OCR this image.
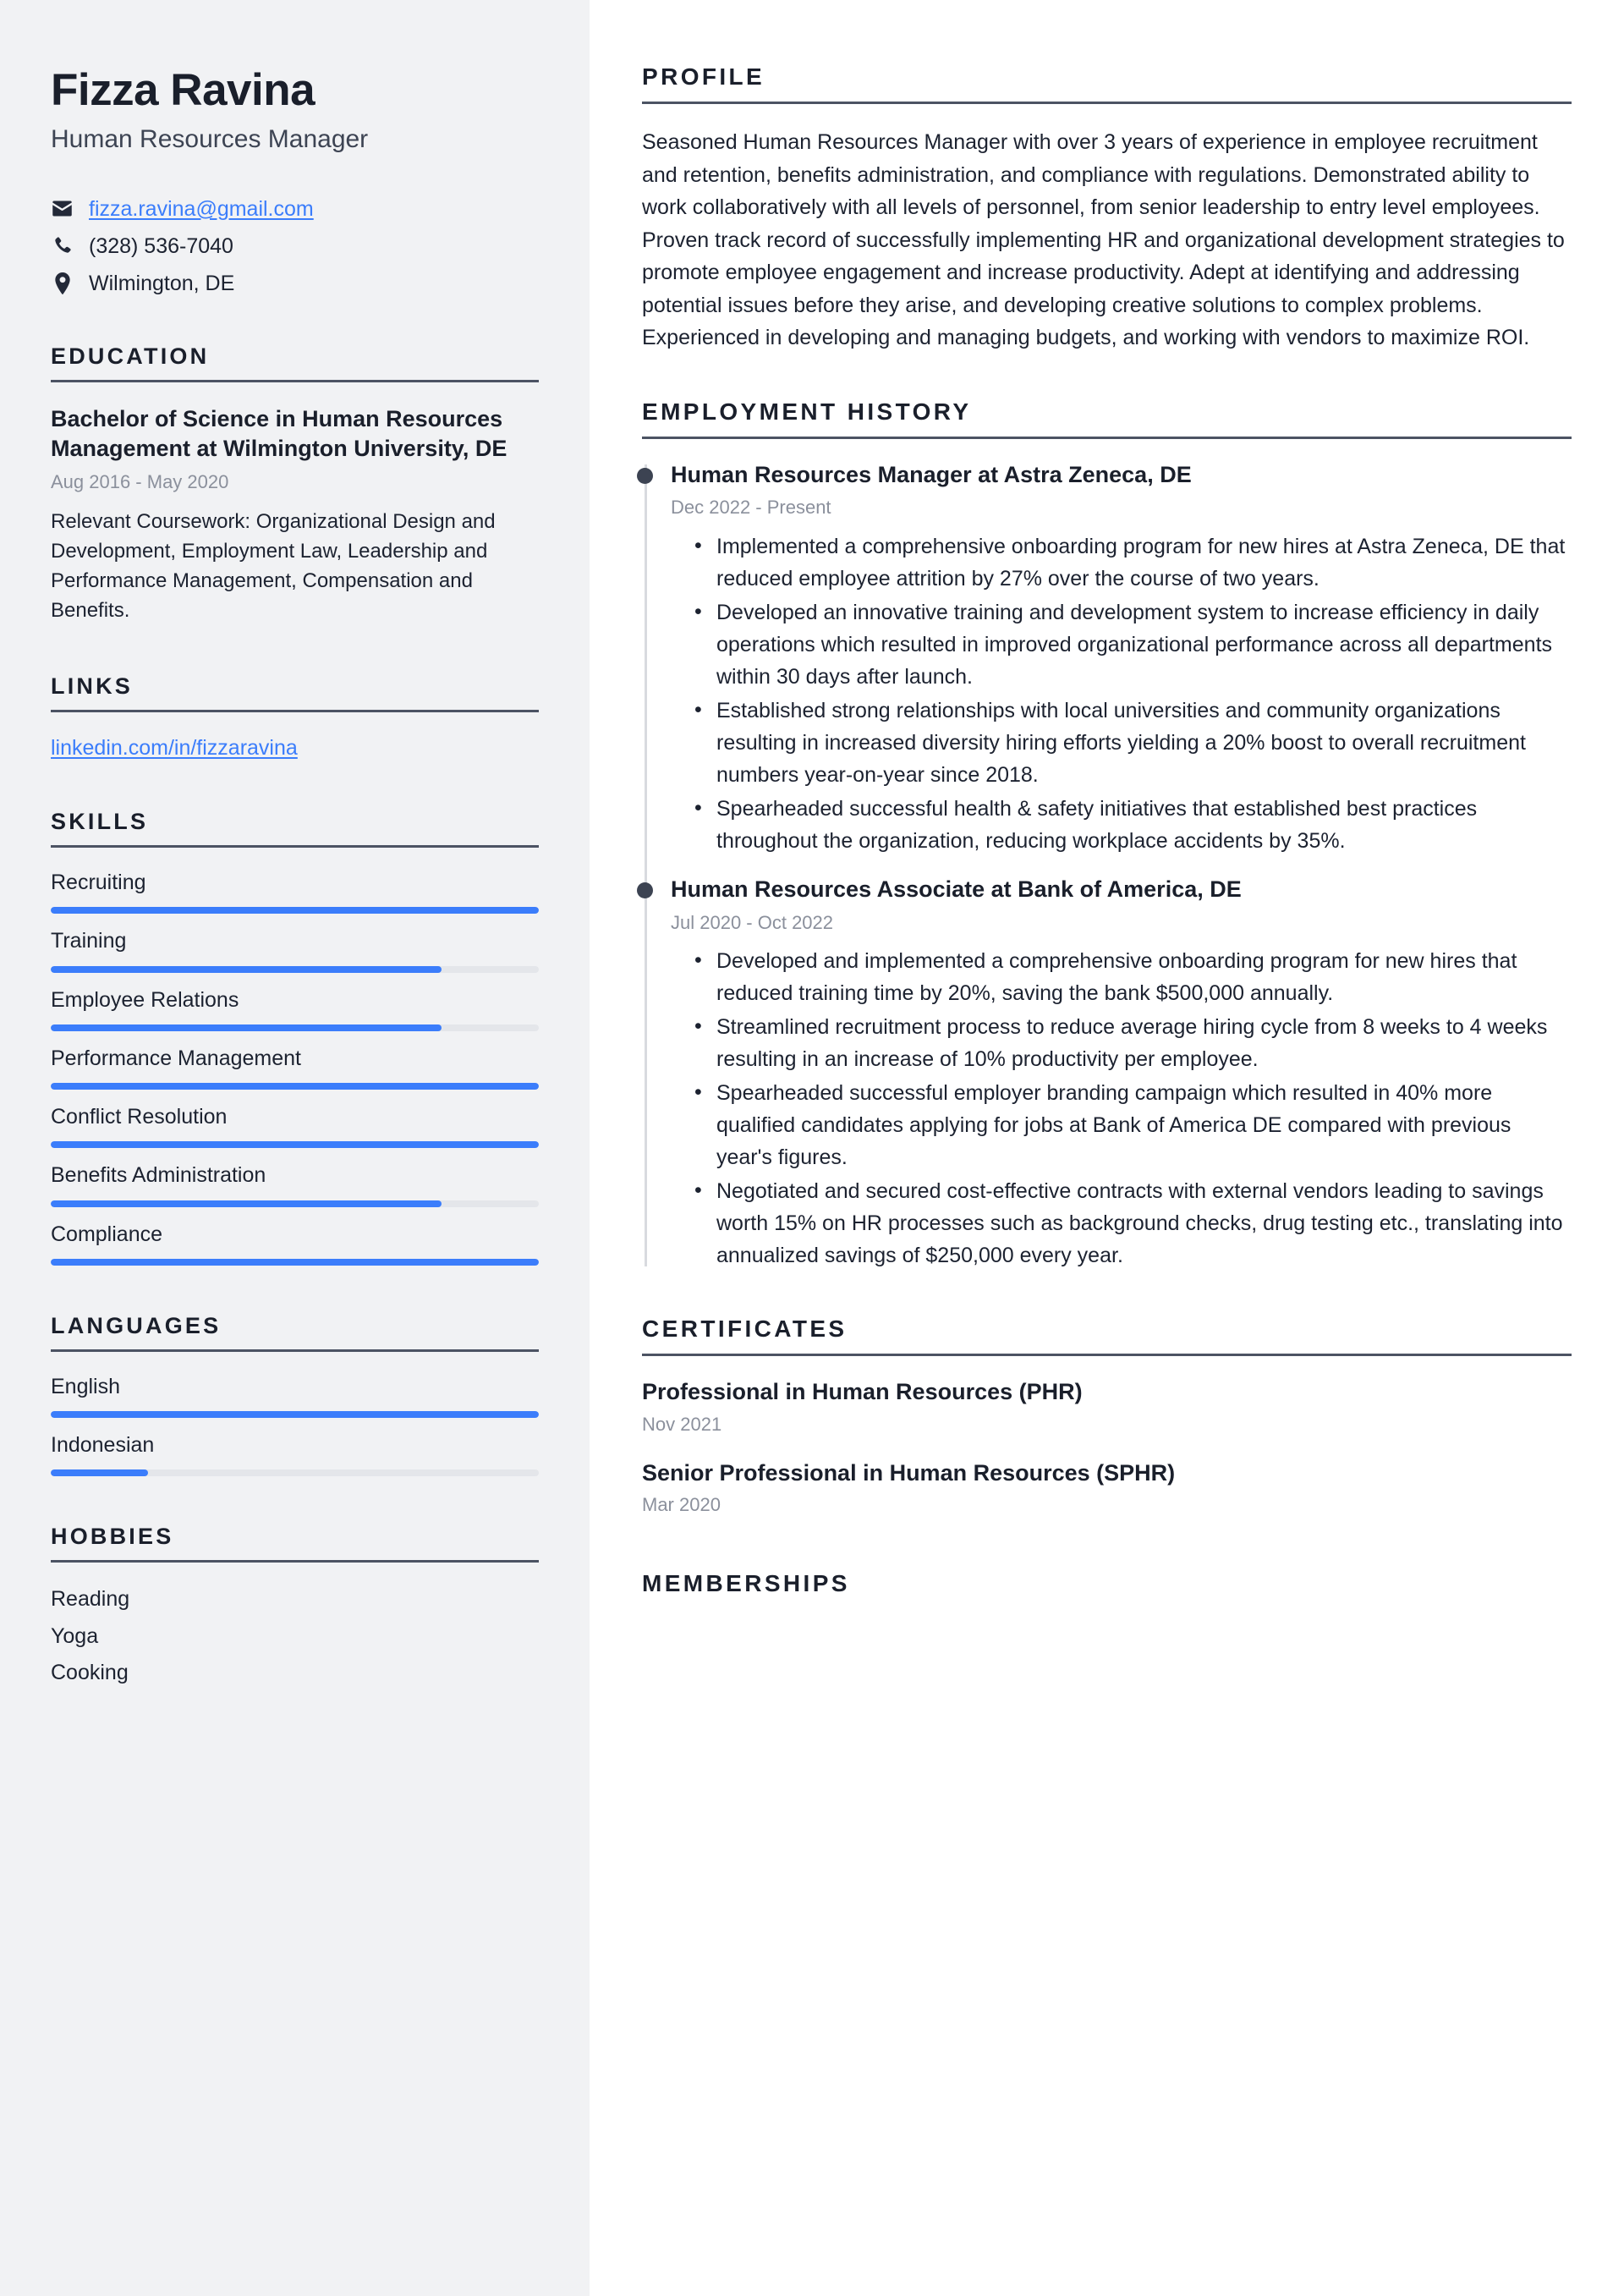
Fizza Ravina
Human Resources Manager
fizza.ravina@gmail.com
(328) 536-7040
Wilmington, DE
EDUCATION
Bachelor of Science in Human Resources Management at Wilmington University, DE
Aug 2016 - May 2020
Relevant Coursework: Organizational Design and Development, Employment Law, Leadership and Performance Management, Compensation and Benefits.
LINKS
linkedin.com/in/fizzaravina
SKILLS
Recruiting
Training
Employee Relations
Performance Management
Conflict Resolution
Benefits Administration
Compliance
LANGUAGES
English
Indonesian
HOBBIES
Reading
Yoga
Cooking
PROFILE

Seasoned Human Resources Manager with over 3 years of experience in employee recruitment and retention, benefits administration, and compliance with regulations. Demonstrated ability to work collaboratively with all levels of personnel, from senior leadership to entry level employees. Proven track record of successfully implementing HR and organizational development strategies to promote employee engagement and increase productivity. Adept at identifying and addressing potential issues before they arise, and developing creative solutions to complex problems. Experienced in developing and managing budgets, and working with vendors to maximize ROI.

EMPLOYMENT HISTORY
Human Resources Manager at Astra Zeneca, DE
Dec 2022 - Present
• Implemented a comprehensive onboarding program for new hires at Astra Zeneca, DE that reduced employee attrition by 27% over the course of two years.
• Developed an innovative training and development system to increase efficiency in daily operations which resulted in improved organizational performance across all departments within 30 days after launch.
• Established strong relationships with local universities and community organizations resulting in increased diversity hiring efforts yielding a 20% boost to overall recruitment numbers year-on-year since 2018.
• Spearheaded successful health & safety initiatives that established best practices throughout the organization, reducing workplace accidents by 35%.
Human Resources Associate at Bank of America, DE
Jul 2020 - Oct 2022
• Developed and implemented a comprehensive onboarding program for new hires that reduced training time by 20%, saving the bank $500,000 annually.
• Streamlined recruitment process to reduce average hiring cycle from 8 weeks to 4 weeks resulting in an increase of 10% productivity per employee.
• Spearheaded successful employer branding campaign which resulted in 40% more qualified candidates applying for jobs at Bank of America DE compared with previous year's figures.
• Negotiated and secured cost-effective contracts with external vendors leading to savings worth 15% on HR processes such as background checks, drug testing etc., translating into annualized savings of $250,000 every year.
CERTIFICATES
Professional in Human Resources (PHR)
Nov 2021
Senior Professional in Human Resources (SPHR)
Mar 2020
MEMBERSHIPS
